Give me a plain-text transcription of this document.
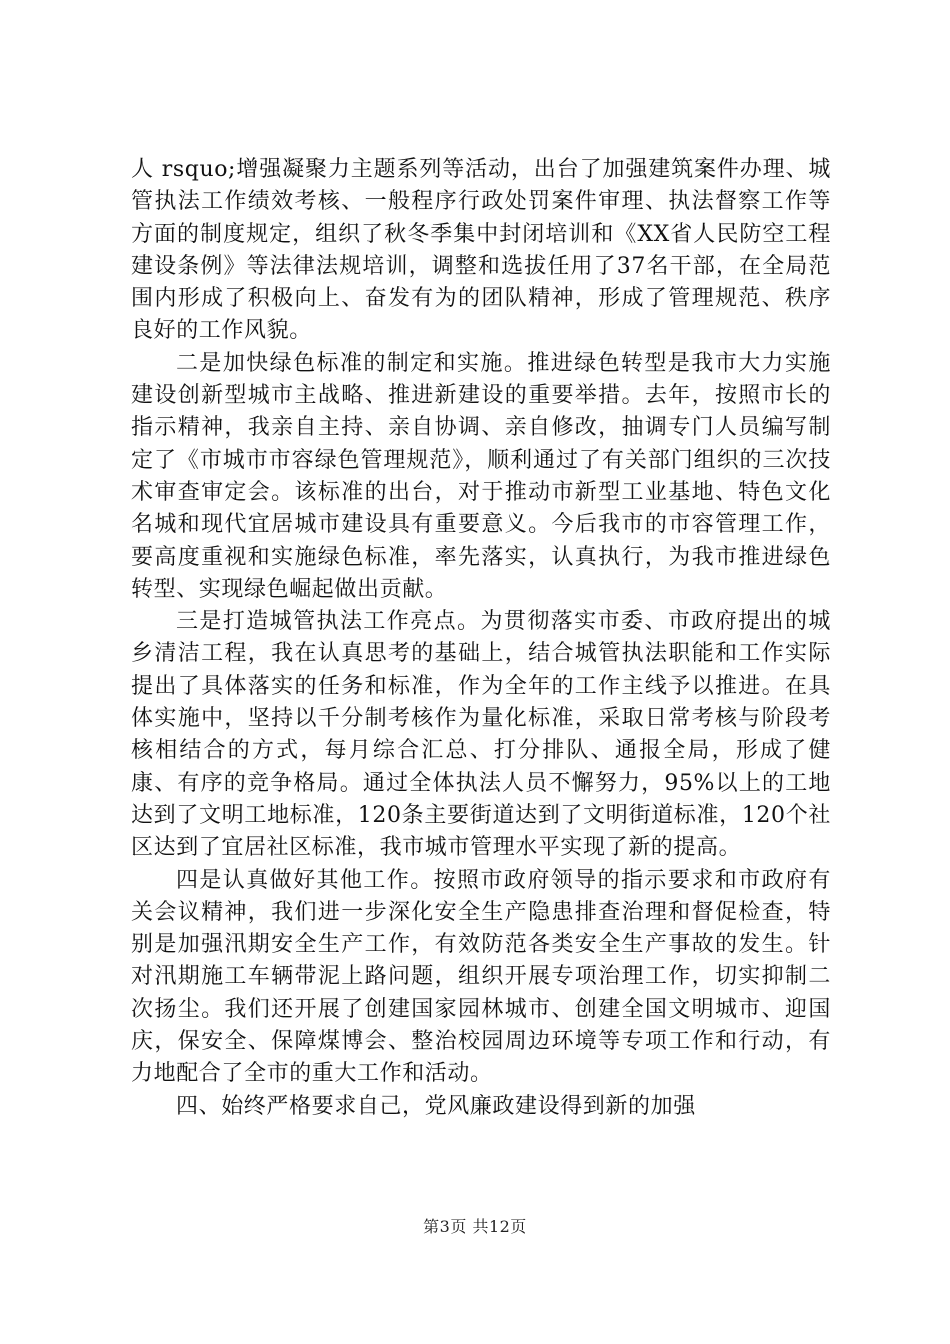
人 rsquo;增强凝聚力主题系列等活动，出台了加强建筑案件办理、城管执法工作绩效考核、一般程序行政处罚案件审理、执法督察工作等方面的制度规定，组织了秋冬季集中封闭培训和《XX省人民防空工程建设条例》等法律法规培训，调整和选拔任用了37名干部，在全局范围内形成了积极向上、奋发有为的团队精神，形成了管理规范、秩序良好的工作风貌。

二是加快绿色标准的制定和实施。推进绿色转型是我市大力实施建设创新型城市主战略、推进新建设的重要举措。去年，按照市长的指示精神，我亲自主持、亲自协调、亲自修改，抽调专门人员编写制定了《市城市市容绿色管理规范》，顺利通过了有关部门组织的三次技术审查审定会。该标准的出台，对于推动市新型工业基地、特色文化名城和现代宜居城市建设具有重要意义。今后我市的市容管理工作，要高度重视和实施绿色标准，率先落实，认真执行，为我市推进绿色转型、实现绿色崛起做出贡献。

三是打造城管执法工作亮点。为贯彻落实市委、市政府提出的城乡清洁工程，我在认真思考的基础上，结合城管执法职能和工作实际提出了具体落实的任务和标准，作为全年的工作主线予以推进。在具体实施中，坚持以千分制考核作为量化标准，采取日常考核与阶段考核相结合的方式，每月综合汇总、打分排队、通报全局，形成了健康、有序的竞争格局。通过全体执法人员不懈努力，95%以上的工地达到了文明工地标准，120条主要街道达到了文明街道标准，120个社区达到了宜居社区标准，我市城市管理水平实现了新的提高。

四是认真做好其他工作。按照市政府领导的指示要求和市政府有关会议精神，我们进一步深化安全生产隐患排查治理和督促检查，特别是加强汛期安全生产工作，有效防范各类安全生产事故的发生。针对汛期施工车辆带泥上路问题，组织开展专项治理工作，切实抑制二次扬尘。我们还开展了创建国家园林城市、创建全国文明城市、迎国庆，保安全、保障煤博会、整治校园周边环境等专项工作和行动，有力地配合了全市的重大工作和活动。

四、始终严格要求自己，党风廉政建设得到新的加强

第3页 共12页
